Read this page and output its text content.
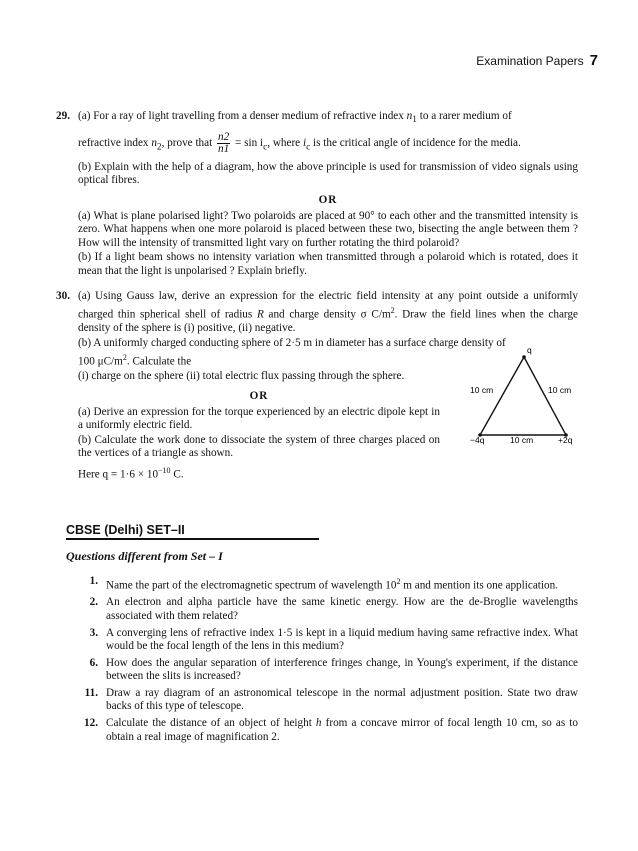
Examination Papers 7
29. (a) For a ray of light travelling from a denser medium of refractive index $n_1$ to a rarer medium of

refractive index $n_2$, prove that $\frac{n2}{n1} = \sin i_c$, where $i_c$ is the critical angle of incidence for the media.

(b) Explain with the help of a diagram, how the above principle is used for transmission of video signals using optical fibres.

OR

(a) What is plane polarised light? Two polaroids are placed at 90° to each other and the transmitted intensity is zero. What happens when one more polaroid is placed between these two, bisecting the angle between them ? How will the intensity of transmitted light vary on further rotating the third polaroid?

(b) If a light beam shows no intensity variation when transmitted through a polaroid which is rotated, does it mean that the light is unpolarised ? Explain briefly.

30. (a) Using Gauss law, derive an expression for the electric field intensity at any point outside a uniformly charged thin spherical shell of radius R and charge density σ $C/m^2$. Draw the field lines when the charge density of the sphere is (i) positive, (ii) negative.

(b) A uniformly charged conducting sphere of 2·5 m in diameter has a surface charge density of

100 $\mu C/m^2$. Calculate the

(i) charge on the sphere (ii) total electric flux passing through the sphere.

OR

(a) Derive an expression for the torque experienced by an electric dipole kept in a uniformly electric field.

(b) Calculate the work done to dissociate the system of three charges placed on the vertices of a triangle as shown.

Here $q = 1\cdot 6 \times 10^{-10}$ C.

q
−4q	+2q
10 cm	10 cm
10 cm
CBSE (Delhi) SET–II
Questions different from Set – I
1. Name the part of the electromagnetic spectrum of wavelength $10^2$ m and mention its one application.
2. An electron and alpha particle have the same kinetic energy. How are the de-Broglie wavelengths associated with them related?
3. A converging lens of refractive index 1·5 is kept in a liquid medium having same refractive index. What would be the focal length of the lens in this medium?
6. How does the angular separation of interference fringes change, in Young's experiment, if the distance between the slits is increased?
11. Draw a ray diagram of an astronomical telescope in the normal adjustment position. State two draw backs of this type of telescope.
12. Calculate the distance of an object of height h from a concave mirror of focal length 10 cm, so as to obtain a real image of magnification 2.
